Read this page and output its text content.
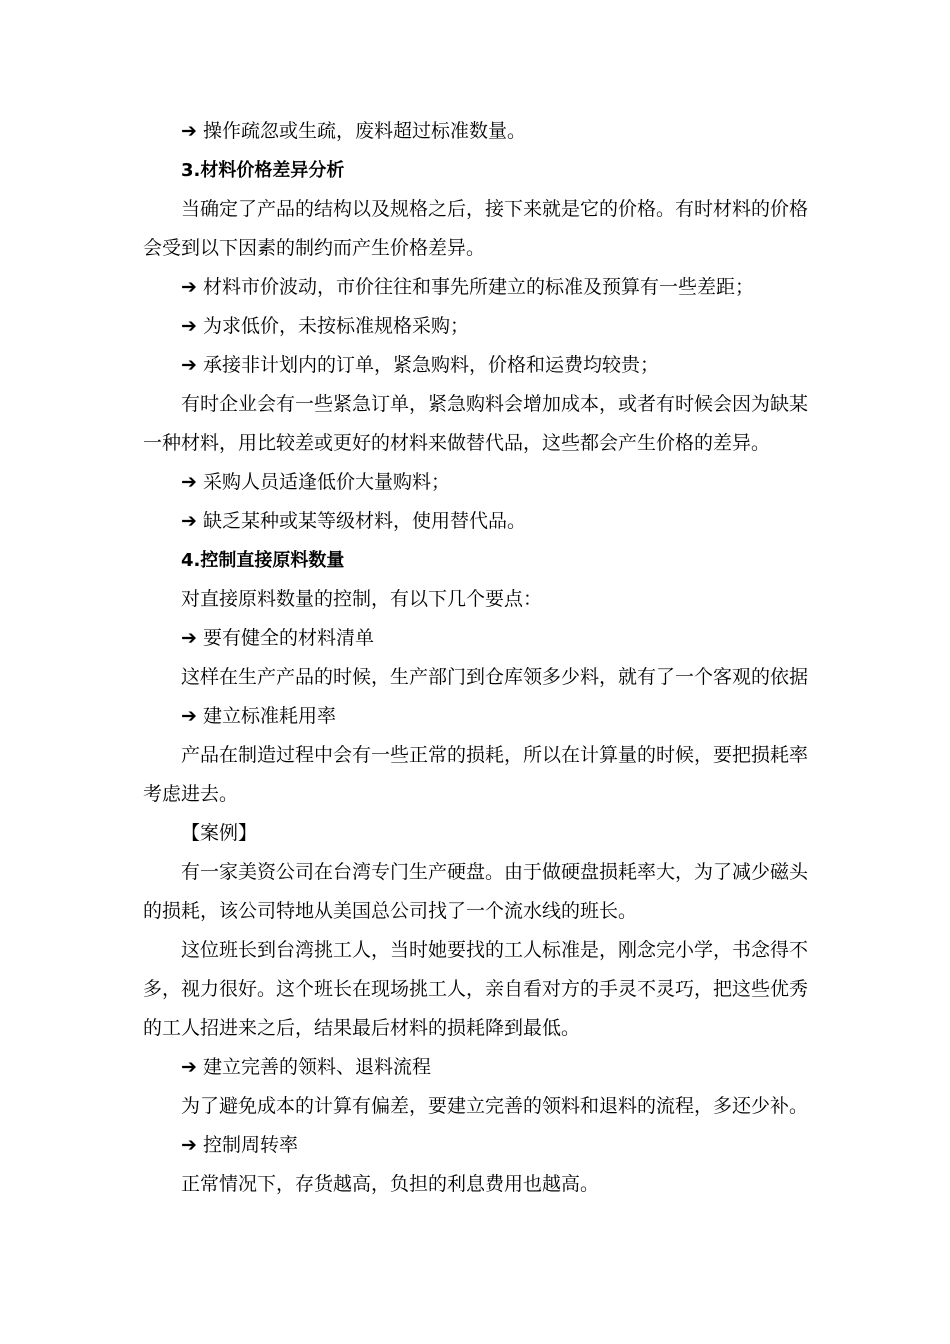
➔ 操作疏忽或生疏，废料超过标准数量。
3.材料价格差异分析

当确定了产品的结构以及规格之后，接下来就是它的价格。有时材料的价格会受到以下因素的制约而产生价格差异。

➔ 材料市价波动，市价往往和事先所建立的标准及预算有一些差距；
➔ 为求低价，未按标准规格采购；
➔ 承接非计划内的订单，紧急购料，价格和运费均较贵；

有时企业会有一些紧急订单，紧急购料会增加成本，或者有时候会因为缺某一种材料，用比较差或更好的材料来做替代品，这些都会产生价格的差异。

➔ 采购人员适逢低价大量购料；
➔ 缺乏某种或某等级材料，使用替代品。
4.控制直接原料数量

对直接原料数量的控制，有以下几个要点：

➔ 要有健全的材料清单

这样在生产产品的时候，生产部门到仓库领多少料，就有了一个客观的依据

➔ 建立标准耗用率

产品在制造过程中会有一些正常的损耗，所以在计算量的时候，要把损耗率考虑进去。

【案例】

有一家美资公司在台湾专门生产硬盘。由于做硬盘损耗率大，为了减少磁头的损耗，该公司特地从美国总公司找了一个流水线的班长。

这位班长到台湾挑工人，当时她要找的工人标准是，刚念完小学，书念得不多，视力很好。这个班长在现场挑工人，亲自看对方的手灵不灵巧，把这些优秀的工人招进来之后，结果最后材料的损耗降到最低。

➔ 建立完善的领料、退料流程

为了避免成本的计算有偏差，要建立完善的领料和退料的流程，多还少补。

➔ 控制周转率

正常情况下，存货越高，负担的利息费用也越高。
